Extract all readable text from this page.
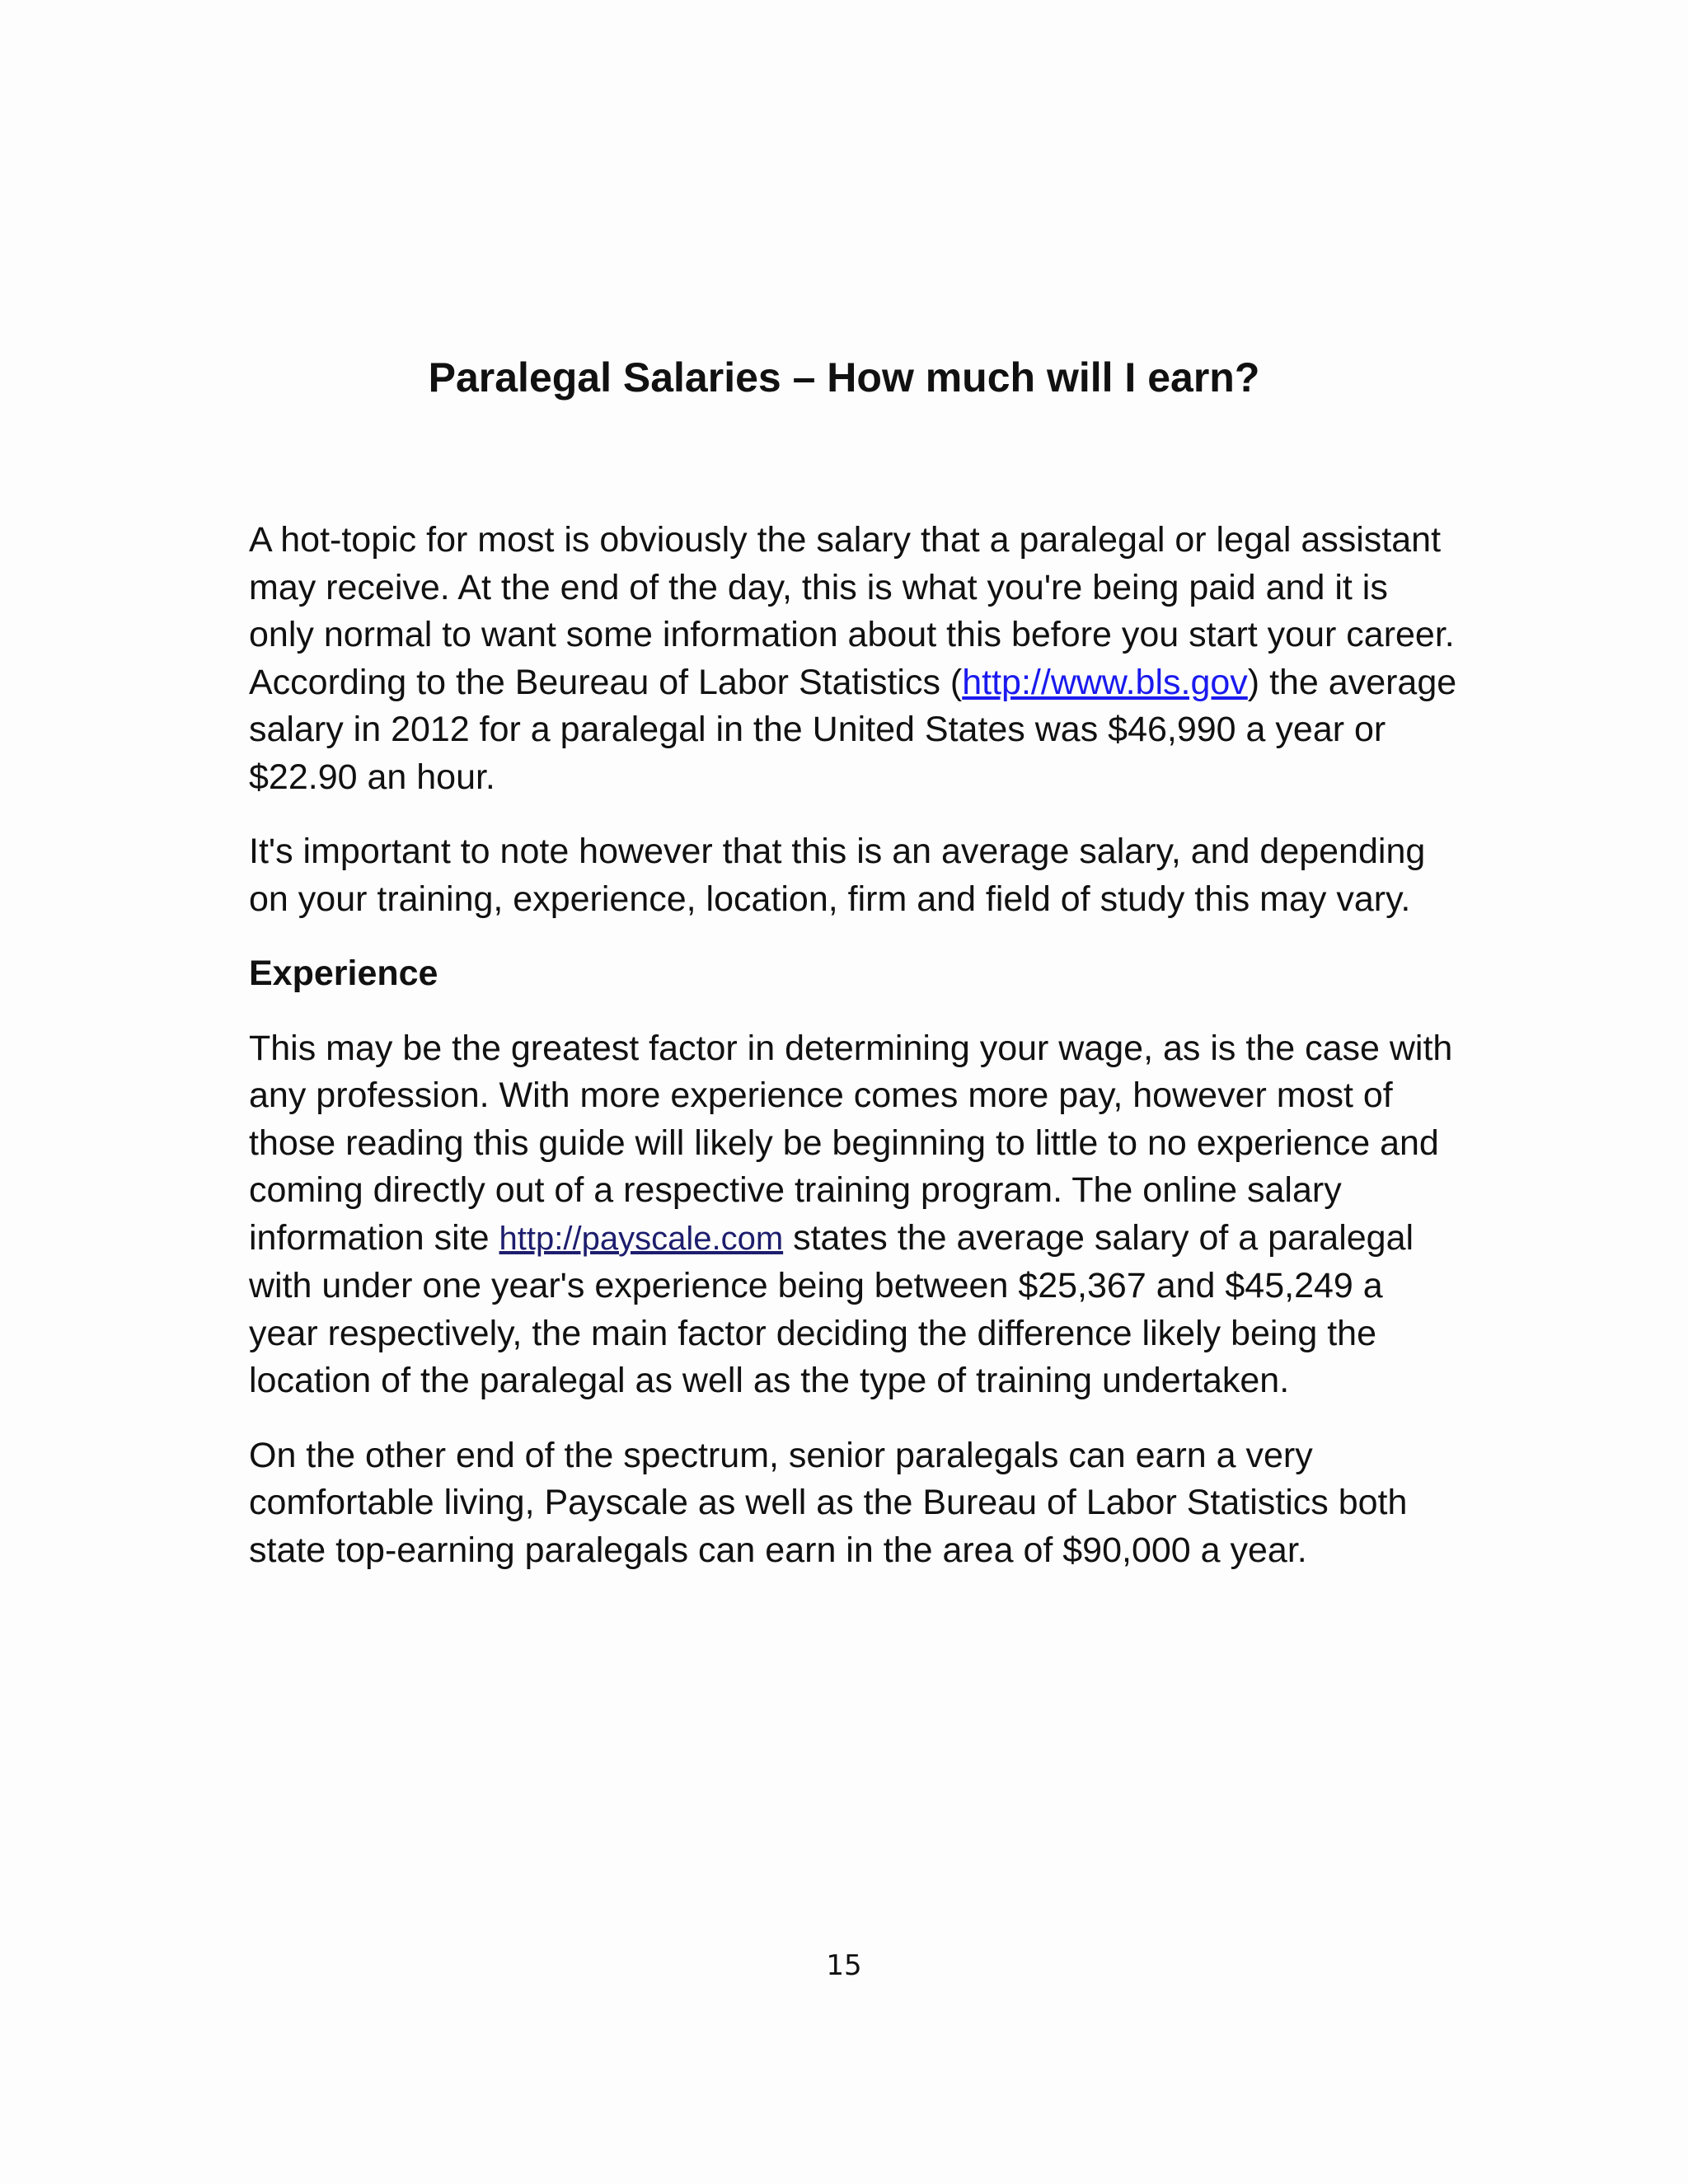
Paralegal Salaries – How much will I earn?

A hot-topic for most is obviously the salary that a paralegal or legal assistant may receive. At the end of the day, this is what you're being paid and it is only normal to want some information about this before you start your career. According to the Beureau of Labor Statistics (http://www.bls.gov) the average salary in 2012 for a paralegal in the United States was $46,990 a year or $22.90 an hour.

It's important to note however that this is an average salary, and depending on your training, experience, location, firm and field of study this may vary.

Experience

This may be the greatest factor in determining your wage, as is the case with any profession. With more experience comes more pay, however most of those reading this guide will likely be beginning to little to no experience and coming directly out of a respective training program. The online salary information site http://payscale.com states the average salary of a paralegal with under one year's experience being between $25,367 and $45,249 a year respectively, the main factor deciding the difference likely being the location of the paralegal as well as the type of training undertaken.

On the other end of the spectrum, senior paralegals can earn a very comfortable living, Payscale as well as the Bureau of Labor Statistics both state top-earning paralegals can earn in the area of $90,000 a year.

15
